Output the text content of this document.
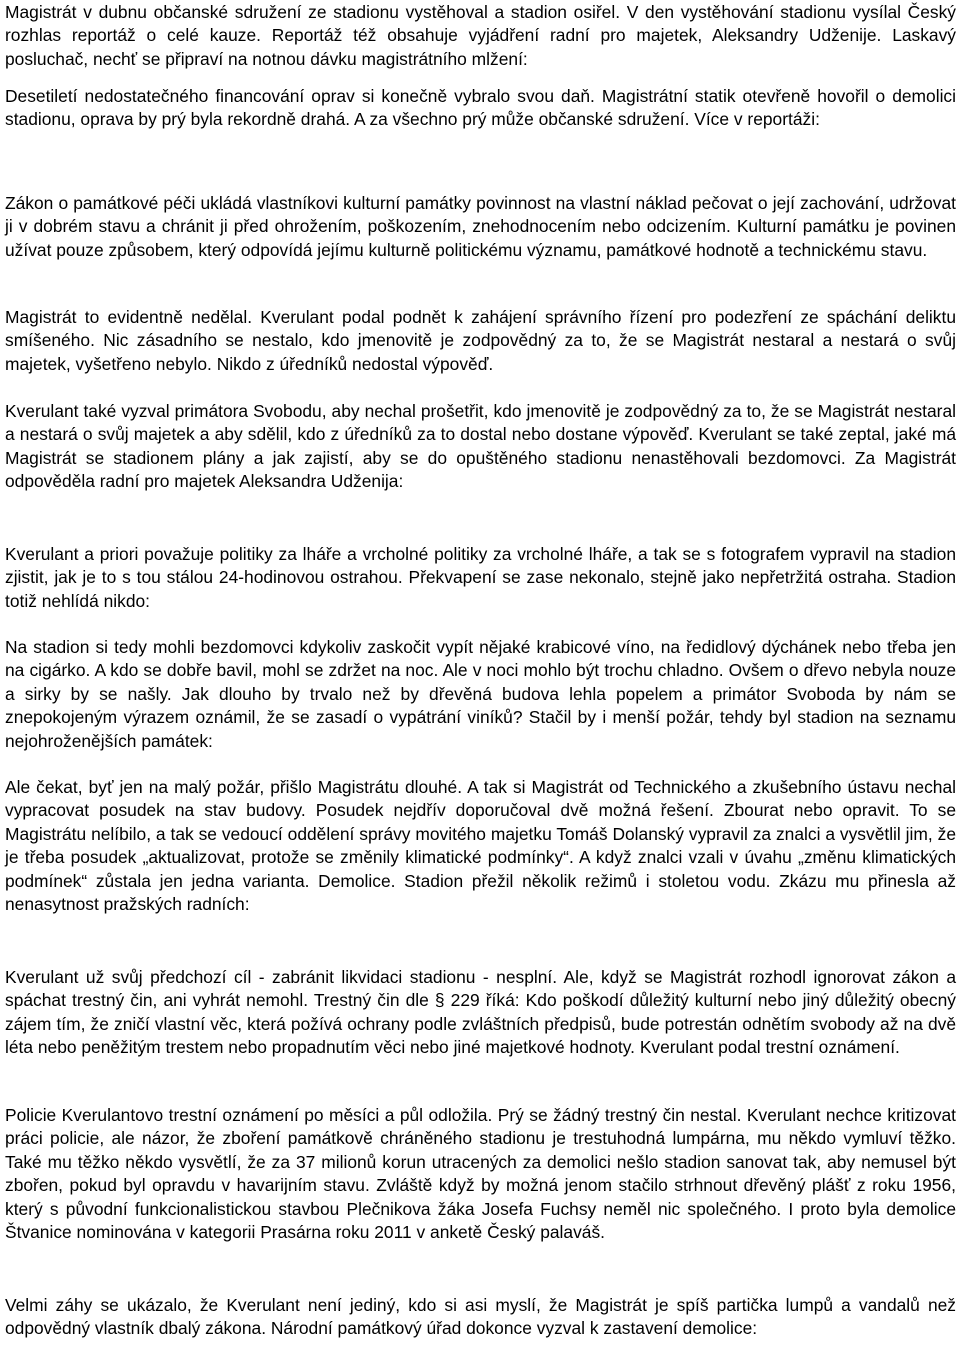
Magistrát v dubnu občanské sdružení ze stadionu vystěhoval a stadion osiřel. V den vystěhování stadionu vysílal Český rozhlas reportáž o celé kauze. Reportáž též obsahuje vyjádření radní pro majetek, Aleksandry Udženije. Laskavý posluchač, nechť se připraví na notnou dávku magistrátního mlžení:

Desetiletí nedostatečného financování oprav si konečně vybralo svou daň. Magistrátní statik otevřeně hovořil o demolici stadionu, oprava by prý byla rekordně drahá. A za všechno prý může občanské sdružení. Více v reportáži:

Zákon o památkové péči ukládá vlastníkovi kulturní památky povinnost na vlastní náklad pečovat o její zachování, udržovat ji v dobrém stavu a chránit ji před ohrožením, poškozením, znehodnocením nebo odcizením. Kulturní památku je povinen užívat pouze způsobem, který odpovídá jejímu kulturně politickému významu, památkové hodnotě a technickému stavu.

Magistrát to evidentně nedělal. Kverulant podal podnět k zahájení správního řízení pro podezření ze spáchání deliktu smíšeného. Nic zásadního se nestalo, kdo jmenovitě je zodpovědný za to, že se Magistrát nestaral a nestará o svůj majetek, vyšetřeno nebylo. Nikdo z úředníků nedostal výpověď.

Kverulant také vyzval primátora Svobodu, aby nechal prošetřit, kdo jmenovitě je zodpovědný za to, že se Magistrát nestaral a nestará o svůj majetek a aby sdělil, kdo z úředníků za to dostal nebo dostane výpověď. Kverulant se také zeptal, jaké má Magistrát se stadionem plány a jak zajistí, aby se do opuštěného stadionu nenastěhovali bezdomovci. Za Magistrát odpověděla radní pro majetek Aleksandra Udženija:

Kverulant a priori považuje politiky za lháře a vrcholné politiky za vrcholné lháře, a tak se s fotografem vypravil na stadion zjistit, jak je to s tou stálou 24-hodinovou ostrahou. Překvapení se zase nekonalo, stejně jako nepřetržitá ostraha. Stadion totiž nehlídá nikdo:

Na stadion si tedy mohli bezdomovci kdykoliv zaskočit vypít nějaké krabicové víno, na ředidlový dýchánek nebo třeba jen na cigárko. A kdo se dobře bavil, mohl se zdržet na noc. Ale v noci mohlo být trochu chladno. Ovšem o dřevo nebyla nouze a sirky by se našly. Jak dlouho by trvalo než by dřevěná budova lehla popelem a primátor Svoboda by nám se znepokojeným výrazem oznámil, že se zasadí o vypátrání viníků? Stačil by i menší požár, tehdy byl stadion na seznamu nejohroženějších památek:

Ale čekat, byť jen na malý požár, přišlo Magistrátu dlouhé. A tak si Magistrát od Technického a zkušebního ústavu nechal vypracovat posudek na stav budovy. Posudek nejdřív doporučoval dvě možná řešení. Zbourat nebo opravit. To se Magistrátu nelíbilo, a tak se vedoucí oddělení správy movitého majetku Tomáš Dolanský vypravil za znalci a vysvětlil jim, že je třeba posudek „aktualizovat, protože se změnily klimatické podmínky“. A když znalci vzali v úvahu „změnu klimatických podmínek“ zůstala jen jedna varianta. Demolice. Stadion přežil několik režimů i stoletou vodu. Zkázu mu přinesla až nenasytnost pražských radních:

Kverulant už svůj předchozí cíl - zabránit likvidaci stadionu - nesplní. Ale, když se Magistrát rozhodl ignorovat zákon a spáchat trestný čin, ani vyhrát nemohl. Trestný čin dle § 229 říká: Kdo poškodí důležitý kulturní nebo jiný důležitý obecný zájem tím, že zničí vlastní věc, která požívá ochrany podle zvláštních předpisů, bude potrestán odnětím svobody až na dvě léta nebo peněžitým trestem nebo propadnutím věci nebo jiné majetkové hodnoty. Kverulant podal trestní oznámení.

Policie Kverulantovo trestní oznámení po měsíci a půl odložila. Prý se žádný trestný čin nestal. Kverulant nechce kritizovat práci policie, ale názor, že zboření památkově chráněného stadionu je trestuhodná lumpárna, mu někdo vymluví těžko. Také mu těžko někdo vysvětlí, že za 37 milionů korun utracených za demolici nešlo stadion sanovat tak, aby nemusel být zbořen, pokud byl opravdu v havarijním stavu. Zvláště když by možná jenom stačilo strhnout dřevěný plášť z roku 1956, který s původní funkcionalistickou stavbou Plečnikova žáka Josefa Fuchsy neměl nic společného. I proto byla demolice Štvanice nominována v kategorii Prasárna roku 2011 v anketě Český palaváš.

Velmi záhy se ukázalo, že Kverulant není jediný, kdo si asi myslí, že Magistrát je spíš partička lumpů a vandalů než odpovědný vlastník dbalý zákona. Národní památkový úřad dokonce vyzval k zastavení demolice:
